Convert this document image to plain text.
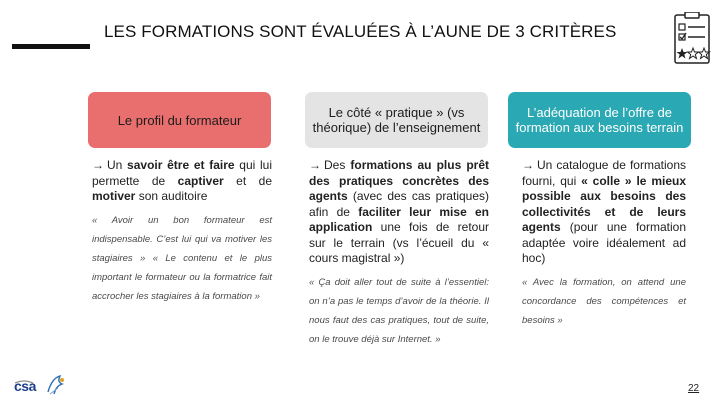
LES FORMATIONS SONT ÉVALUÉES À L’AUNE DE 3 CRITÈRES
Le profil du formateur

→ Un savoir être et faire qui lui permette de captiver et de motiver son auditoire

« Avoir un bon formateur est indispensable. C’est lui qui va motiver les stagiaires » « Le contenu et le plus important le formateur ou la formatrice fait accrocher les stagiaires à la formation »

Le côté « pratique » (vs théorique) de l’enseignement

→ Des formations au plus prêt des pratiques concrètes des agents (avec des cas pratiques) afin de faciliter leur mise en application une fois de retour sur le terrain (vs l’écueil du « cours magistral »)

« Ça doit aller tout de suite à l’essentiel: on n’a pas le temps d’avoir de la théorie. Il nous faut des cas pratiques, tout de suite, on le trouve déjà sur Internet. »

L’adéquation de l’offre de formation aux besoins terrain

→ Un catalogue de formations fourni, qui « colle » le mieux possible aux besoins des collectivités et de leurs agents (pour une formation adaptée voire idéalement ad hoc)

« Avec la formation, on attend une concordance des compétences et besoins »

csa	22
